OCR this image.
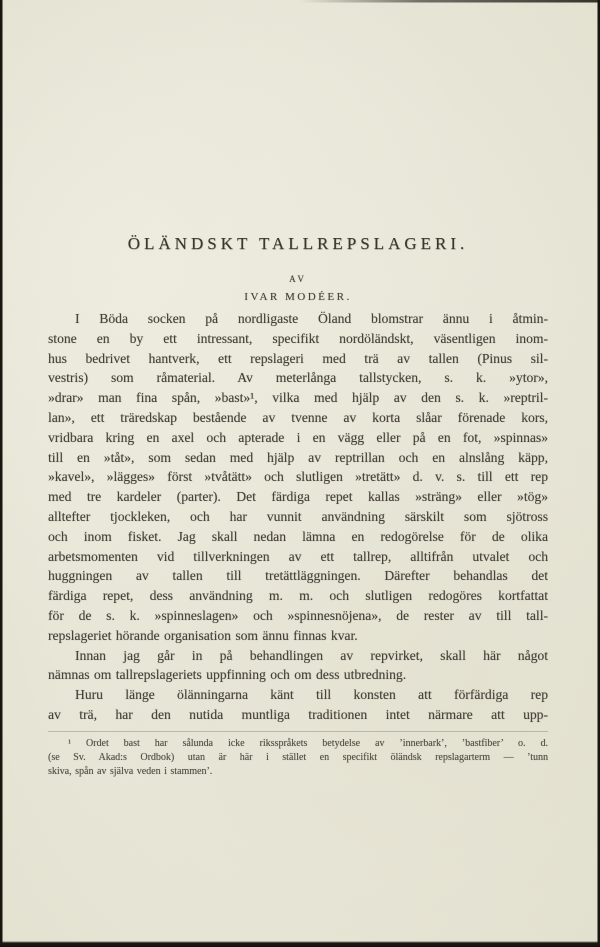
ÖLÄNDSKT TALLREPSLAGERI.
AV
IVAR MODÉER.
I Böda socken på nordligaste Öland blomstrar ännu i åtmin-
stone en by ett intressant, specifikt nordöländskt, väsentligen inom-
hus bedrivet hantverk, ett repslageri med trä av tallen (Pinus sil-
vestris) som råmaterial. Av meterlånga tallstycken, s. k. »ytor»,
»drar» man fina spån, »bast»¹, vilka med hjälp av den s. k. »reptril-
lan», ett träredskap bestående av tvenne av korta slåar förenade kors,
vridbara kring en axel och apterade i en vägg eller på en fot, »spinnas»
till en »tåt», som sedan med hjälp av reptrillan och en alnslång käpp,
»kavel», »lägges» först »tvåtätt» och slutligen »tretätt» d. v. s. till ett rep
med tre kardeler (parter). Det färdiga repet kallas »sträng» eller »tög»
alltefter tjockleken, och har vunnit användning särskilt som sjötross
och inom fisket. Jag skall nedan lämna en redogörelse för de olika
arbetsmomenten vid tillverkningen av ett tallrep, alltifrån utvalet och
huggningen av tallen till tretättläggningen. Därefter behandlas det
färdiga repet, dess användning m. m. och slutligen redogöres kortfattat
för de s. k. »spinneslagen» och »spinnesnöjena», de rester av till tall-
repslageriet hörande organisation som ännu finnas kvar.
Innan jag går in på behandlingen av repvirket, skall här något
nämnas om tallrepslageriets uppfinning och om dess utbredning.
Huru länge ölänningarna känt till konsten att förfärdiga rep
av trä, har den nutida muntliga traditionen intet närmare att upp-
¹ Ordet bast har sålunda icke riksspråkets betydelse av ’innerbark’, ’bastfiber’ o. d.
(se Sv. Akad:s Ordbok) utan är här i stället en specifikt öländsk repslagarterm — ’tunn
skiva, spån av själva veden i stammen’.
